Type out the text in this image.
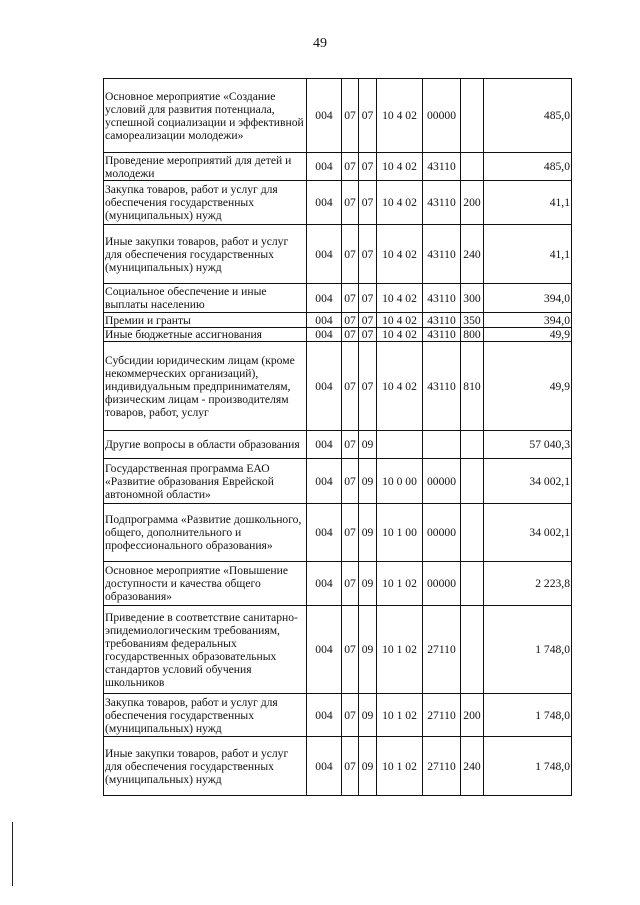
49
Основное мероприятие «Создание условий для развития потенциала, успешной социализации и эффективной самореализации молодежи»	004	07	07	10 4 02	00000		485,0
Проведение мероприятий для детей и молодежи	004	07	07	10 4 02	43110		485,0
Закупка товаров, работ и услуг для обеспечения государственных (муниципальных) нужд	004	07	07	10 4 02	43110	200	41,1
Иные закупки товаров, работ и услуг для обеспечения государственных (муниципальных) нужд	004	07	07	10 4 02	43110	240	41,1
Социальное обеспечение и иные выплаты населению	004	07	07	10 4 02	43110	300	394,0
Премии и гранты	004	07	07	10 4 02	43110	350	394,0
Иные бюджетные ассигнования	004	07	07	10 4 02	43110	800	49,9
Субсидии юридическим лицам (кроме некоммерческих организаций), индивидуальным предпринимателям, физическим лицам - производителям товаров, работ, услуг	004	07	07	10 4 02	43110	810	49,9
Другие вопросы в области образования	004	07	09				57 040,3
Государственная программа ЕАО «Развитие образования Еврейской автономной области»	004	07	09	10 0 00	00000		34 002,1
Подпрограмма «Развитие дошкольного, общего, дополнительного и профессионального образования»	004	07	09	10 1 00	00000		34 002,1
Основное мероприятие «Повышение доступности и качества общего образования»	004	07	09	10 1 02	00000		2 223,8
Приведение в соответствие санитарно-эпидемиологическим требованиям, требованиям федеральных государственных образовательных стандартов условий обучения школьников	004	07	09	10 1 02	27110		1 748,0
Закупка товаров, работ и услуг для обеспечения государственных (муниципальных) нужд	004	07	09	10 1 02	27110	200	1 748,0
Иные закупки товаров, работ и услуг для обеспечения государственных (муниципальных) нужд	004	07	09	10 1 02	27110	240	1 748,0
